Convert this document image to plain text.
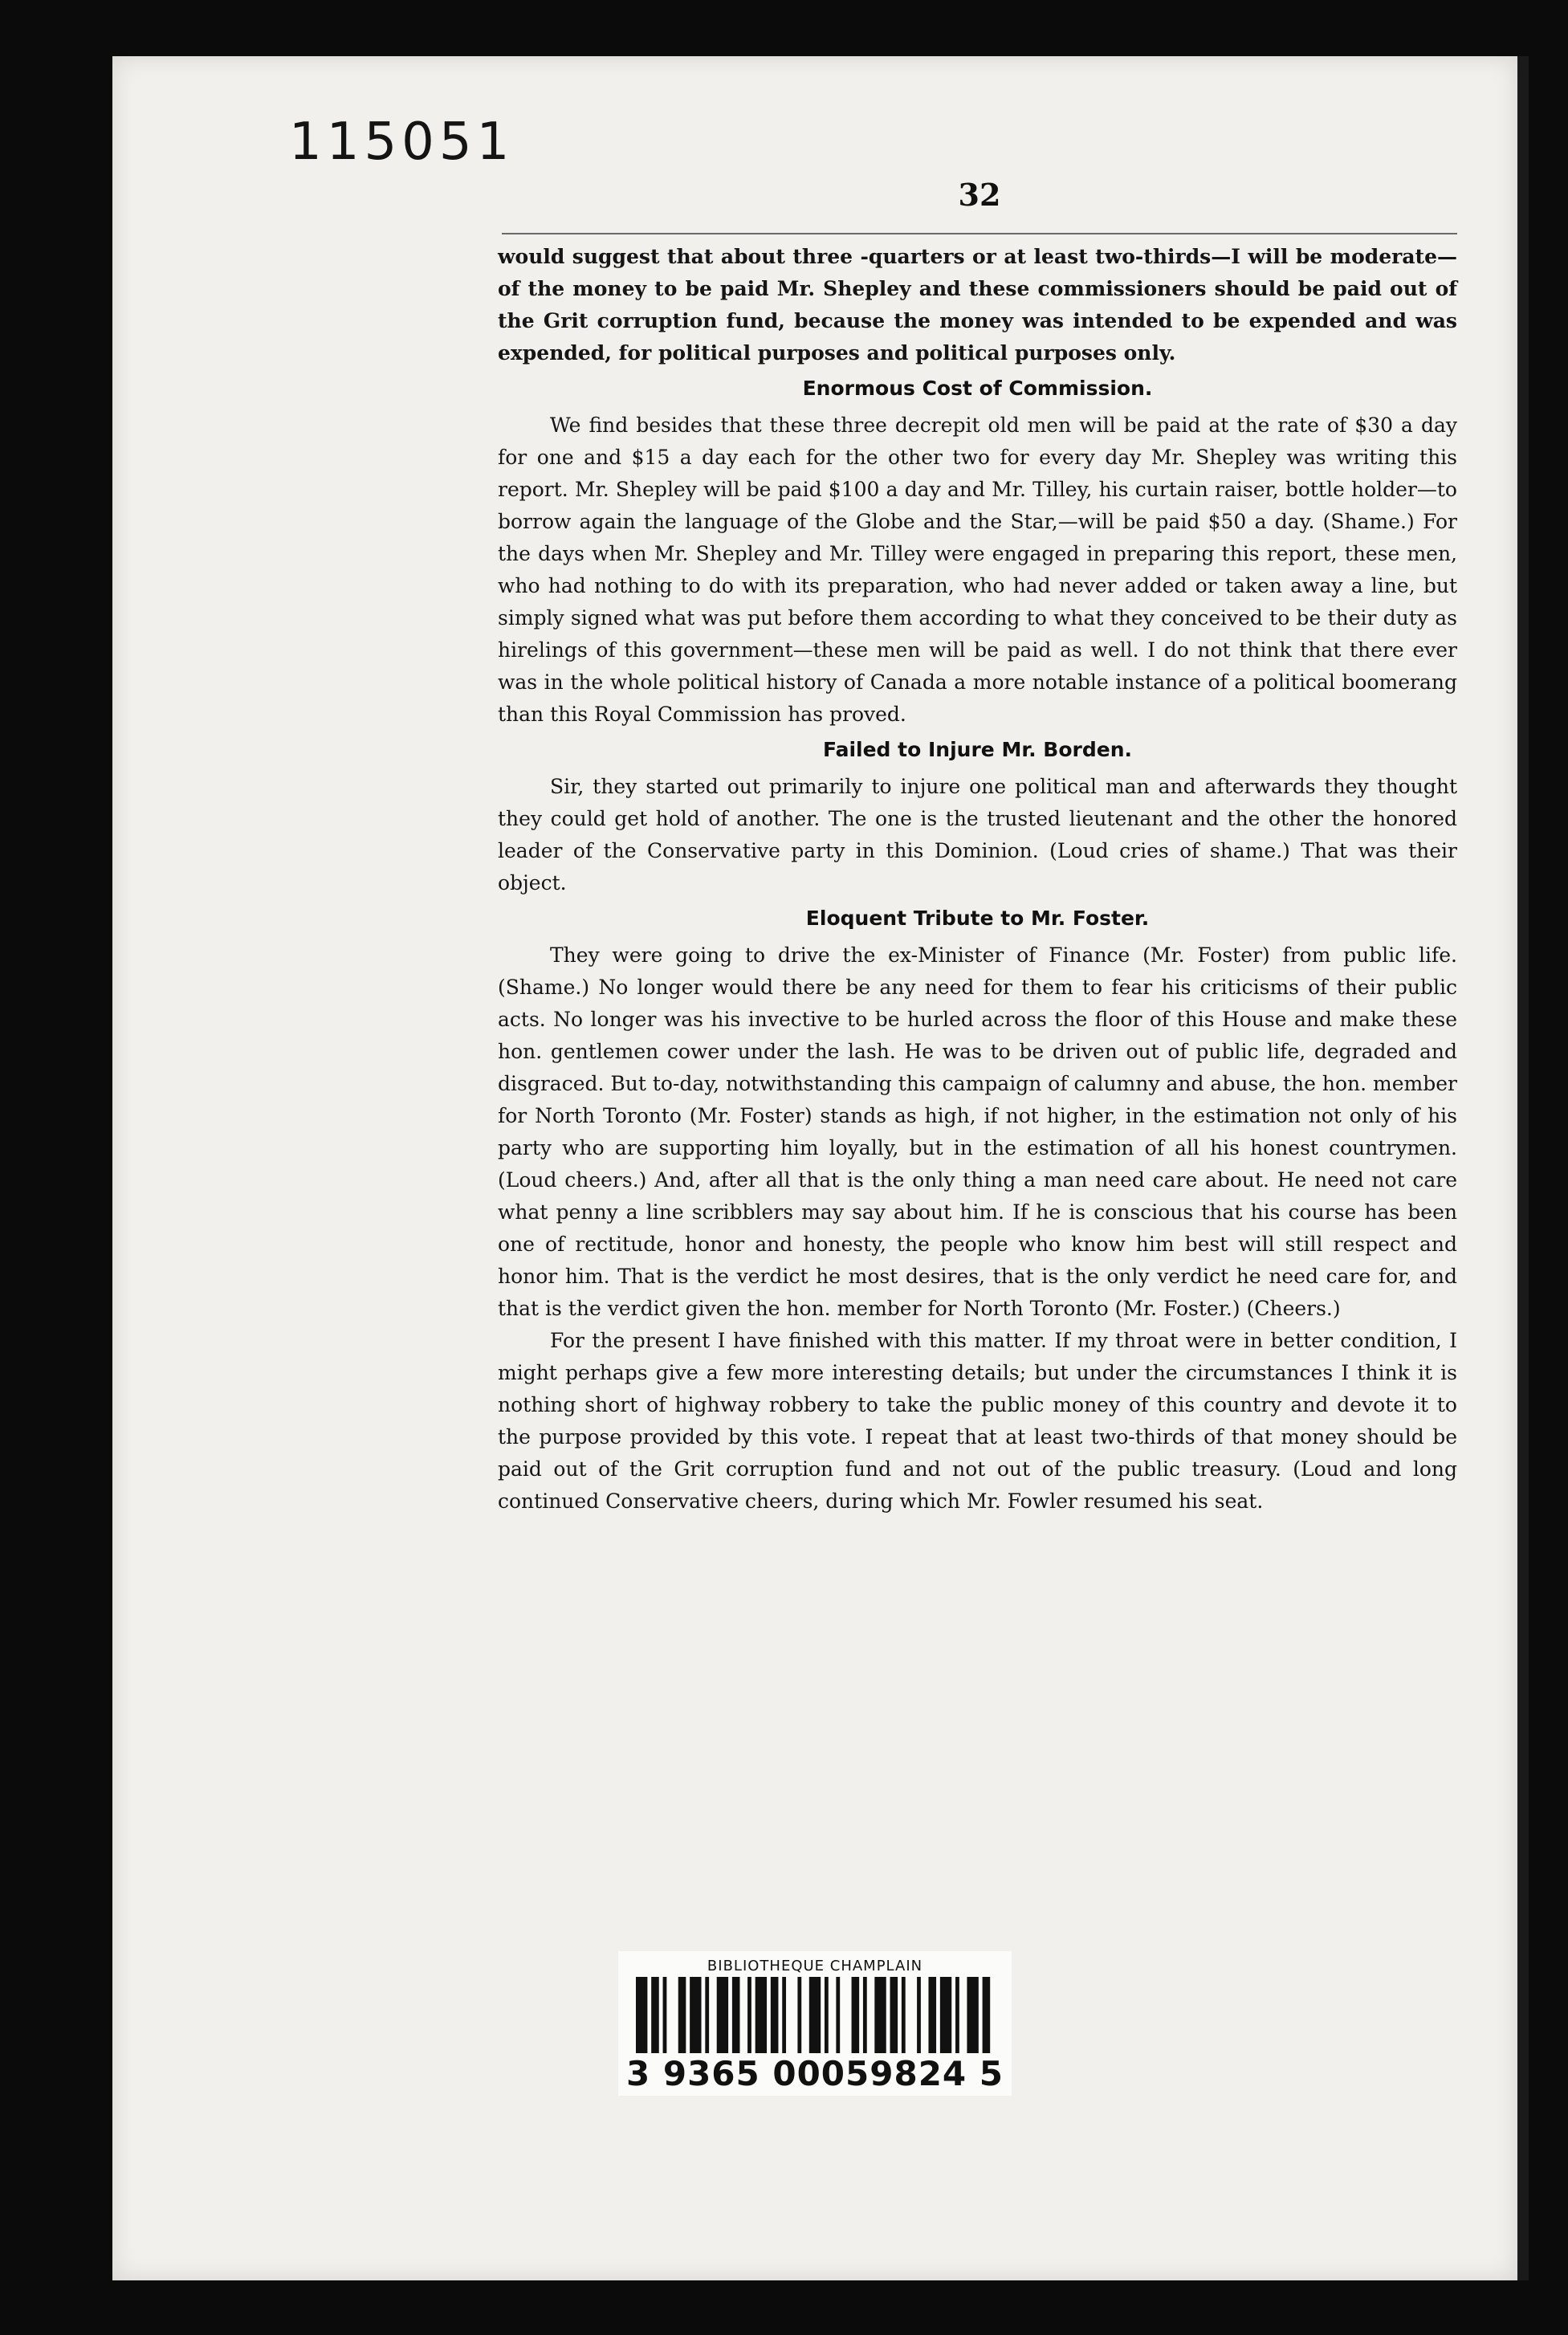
115051
32

would suggest that about three -quarters or at least two-thirds—I will be moderate—of the money to be paid Mr. Shepley and these commissioners should be paid out of the Grit corruption fund, because the money was intended to be expended and was expended, for political purposes and political purposes only.

Enormous Cost of Commission.

We find besides that these three decrepit old men will be paid at the rate of $30 a day for one and $15 a day each for the other two for every day Mr. Shepley was writing this report. Mr. Shepley will be paid $100 a day and Mr. Tilley, his curtain raiser, bottle holder—to borrow again the language of the Globe and the Star,—will be paid $50 a day. (Shame.) For the days when Mr. Shepley and Mr. Tilley were engaged in preparing this report, these men, who had nothing to do with its preparation, who had never added or taken away a line, but simply signed what was put before them according to what they conceived to be their duty as hirelings of this government—these men will be paid as well. I do not think that there ever was in the whole political history of Canada a more notable instance of a political boomerang than this Royal Commission has proved.

Failed to Injure Mr. Borden.

Sir, they started out primarily to injure one political man and afterwards they thought they could get hold of another. The one is the trusted lieutenant and the other the honored leader of the Conservative party in this Dominion. (Loud cries of shame.) That was their object.

Eloquent Tribute to Mr. Foster.

They were going to drive the ex-Minister of Finance (Mr. Foster) from public life. (Shame.) No longer would there be any need for them to fear his criticisms of their public acts. No longer was his invective to be hurled across the floor of this House and make these hon. gentlemen cower under the lash. He was to be driven out of public life, degraded and disgraced. But to-day, notwithstanding this campaign of calumny and abuse, the hon. member for North Toronto (Mr. Foster) stands as high, if not higher, in the estimation not only of his party who are supporting him loyally, but in the estimation of all his honest countrymen. (Loud cheers.) And, after all that is the only thing a man need care about. He need not care what penny a line scribblers may say about him. If he is conscious that his course has been one of rectitude, honor and honesty, the people who know him best will still respect and honor him. That is the verdict he most desires, that is the only verdict he need care for, and that is the verdict given the hon. member for North Toronto (Mr. Foster.) (Cheers.)

For the present I have finished with this matter. If my throat were in better condition, I might perhaps give a few more interesting details; but under the circumstances I think it is nothing short of highway robbery to take the public money of this country and devote it to the purpose provided by this vote. I repeat that at least two-thirds of that money should be paid out of the Grit corruption fund and not out of the public treasury. (Loud and long continued Conservative cheers, during which Mr. Fowler resumed his seat.

BIBLIOTHEQUE CHAMPLAIN
3 9365 00059824 5
